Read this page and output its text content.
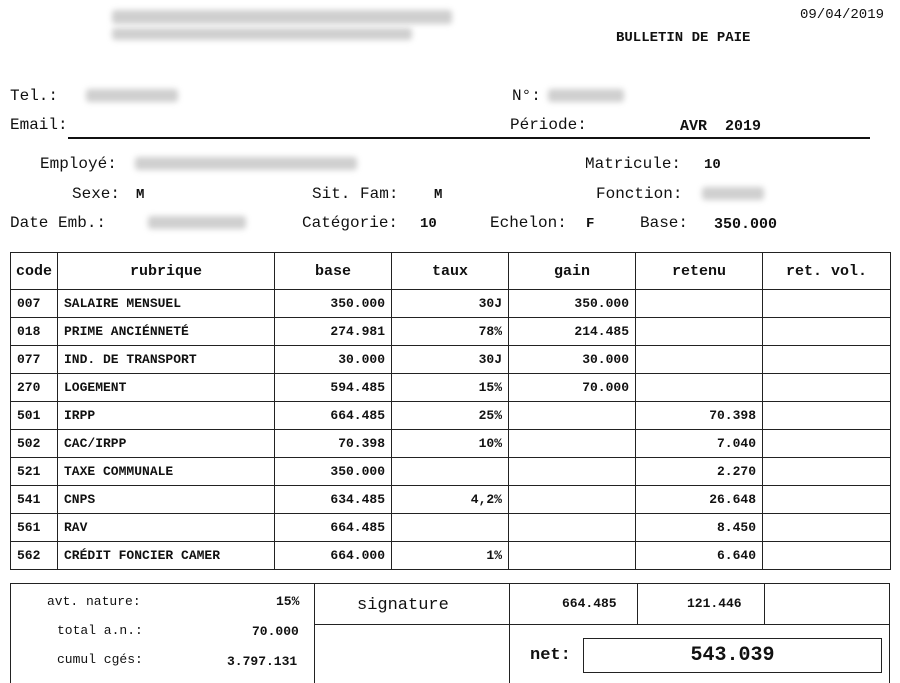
09/04/2019
BULLETIN DE PAIE
Tel.:	N°:
Email:	Période:	AVR  2019
Employé:	Matricule: 10
Sexe: M	Sit. Fam:	M	Fonction:
Date Emb.:	Catégorie: 10	Echelon: F	Base: 350.000
code	rubrique	base	taux	gain	retenu	ret. vol.
007	SALAIRE MENSUEL	350.000	30J	350.000		
018	PRIME ANCIÉNNETÉ	274.981	78%	214.485		
077	IND. DE TRANSPORT	30.000	30J	30.000		
270	LOGEMENT	594.485	15%	70.000		
501	IRPP	664.485	25%		70.398	
502	CAC/IRPP	70.398	10%		7.040	
521	TAXE COMMUNALE	350.000			2.270	
541	CNPS	634.485	4,2%		26.648	
561	RAV	664.485			8.450	
562	CRÉDIT FONCIER CAMER	664.000	1%		6.640	
avt. nature:	15%
total a.n.:	70.000
cumul cgés:	3.797.131
signature	664.485	121.446
net:	543.039
